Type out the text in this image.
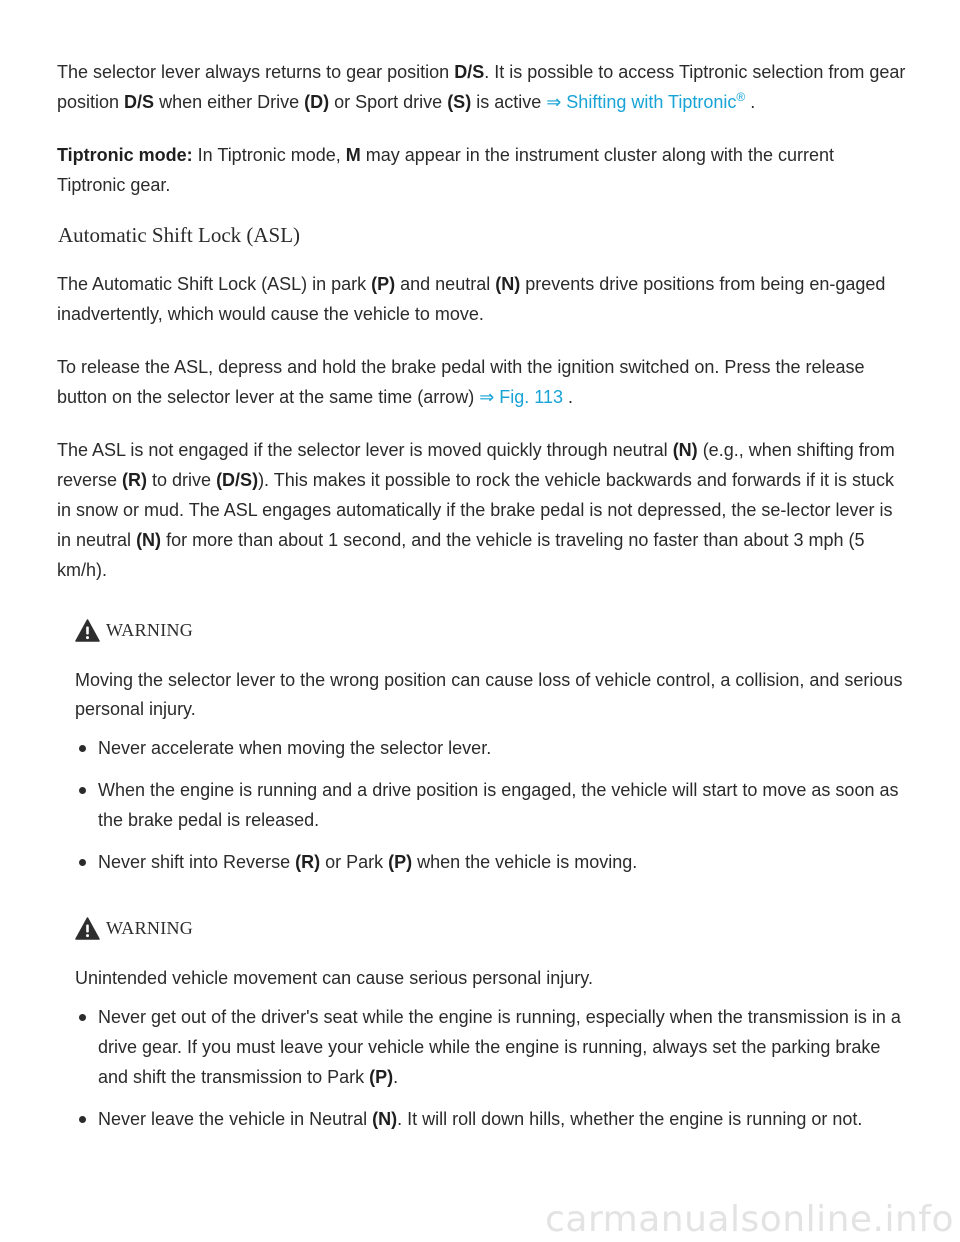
The selector lever always returns to gear position D/S. It is possible to access Tiptronic selection from gear position D/S when either Drive (D) or Sport drive (S) is active ⇒ Shifting with Tiptronic® .

Tiptronic mode: In Tiptronic mode, M may appear in the instrument cluster along with the current Tiptronic gear.

Automatic Shift Lock (ASL)

The Automatic Shift Lock (ASL) in park (P) and neutral (N) prevents drive positions from being en-gaged inadvertently, which would cause the vehicle to move.

To release the ASL, depress and hold the brake pedal with the ignition switched on. Press the release button on the selector lever at the same time (arrow) ⇒ Fig. 113 .

The ASL is not engaged if the selector lever is moved quickly through neutral (N) (e.g., when shifting from reverse (R) to drive (D/S)). This makes it possible to rock the vehicle backwards and forwards if it is stuck in snow or mud. The ASL engages automatically if the brake pedal is not depressed, the se-lector lever is in neutral (N) for more than about 1 second, and the vehicle is traveling no faster than about 3 mph (5 km/h).

WARNING

Moving the selector lever to the wrong position can cause loss of vehicle control, a collision, and serious personal injury.

Never accelerate when moving the selector lever.
When the engine is running and a drive position is engaged, the vehicle will start to move as soon as the brake pedal is released.
Never shift into Reverse (R) or Park (P) when the vehicle is moving.
WARNING

Unintended vehicle movement can cause serious personal injury.

Never get out of the driver's seat while the engine is running, especially when the transmission is in a drive gear. If you must leave your vehicle while the engine is running, always set the parking brake and shift the transmission to Park (P).
Never leave the vehicle in Neutral (N). It will roll down hills, whether the engine is running or not.
carmanualsonline.info
